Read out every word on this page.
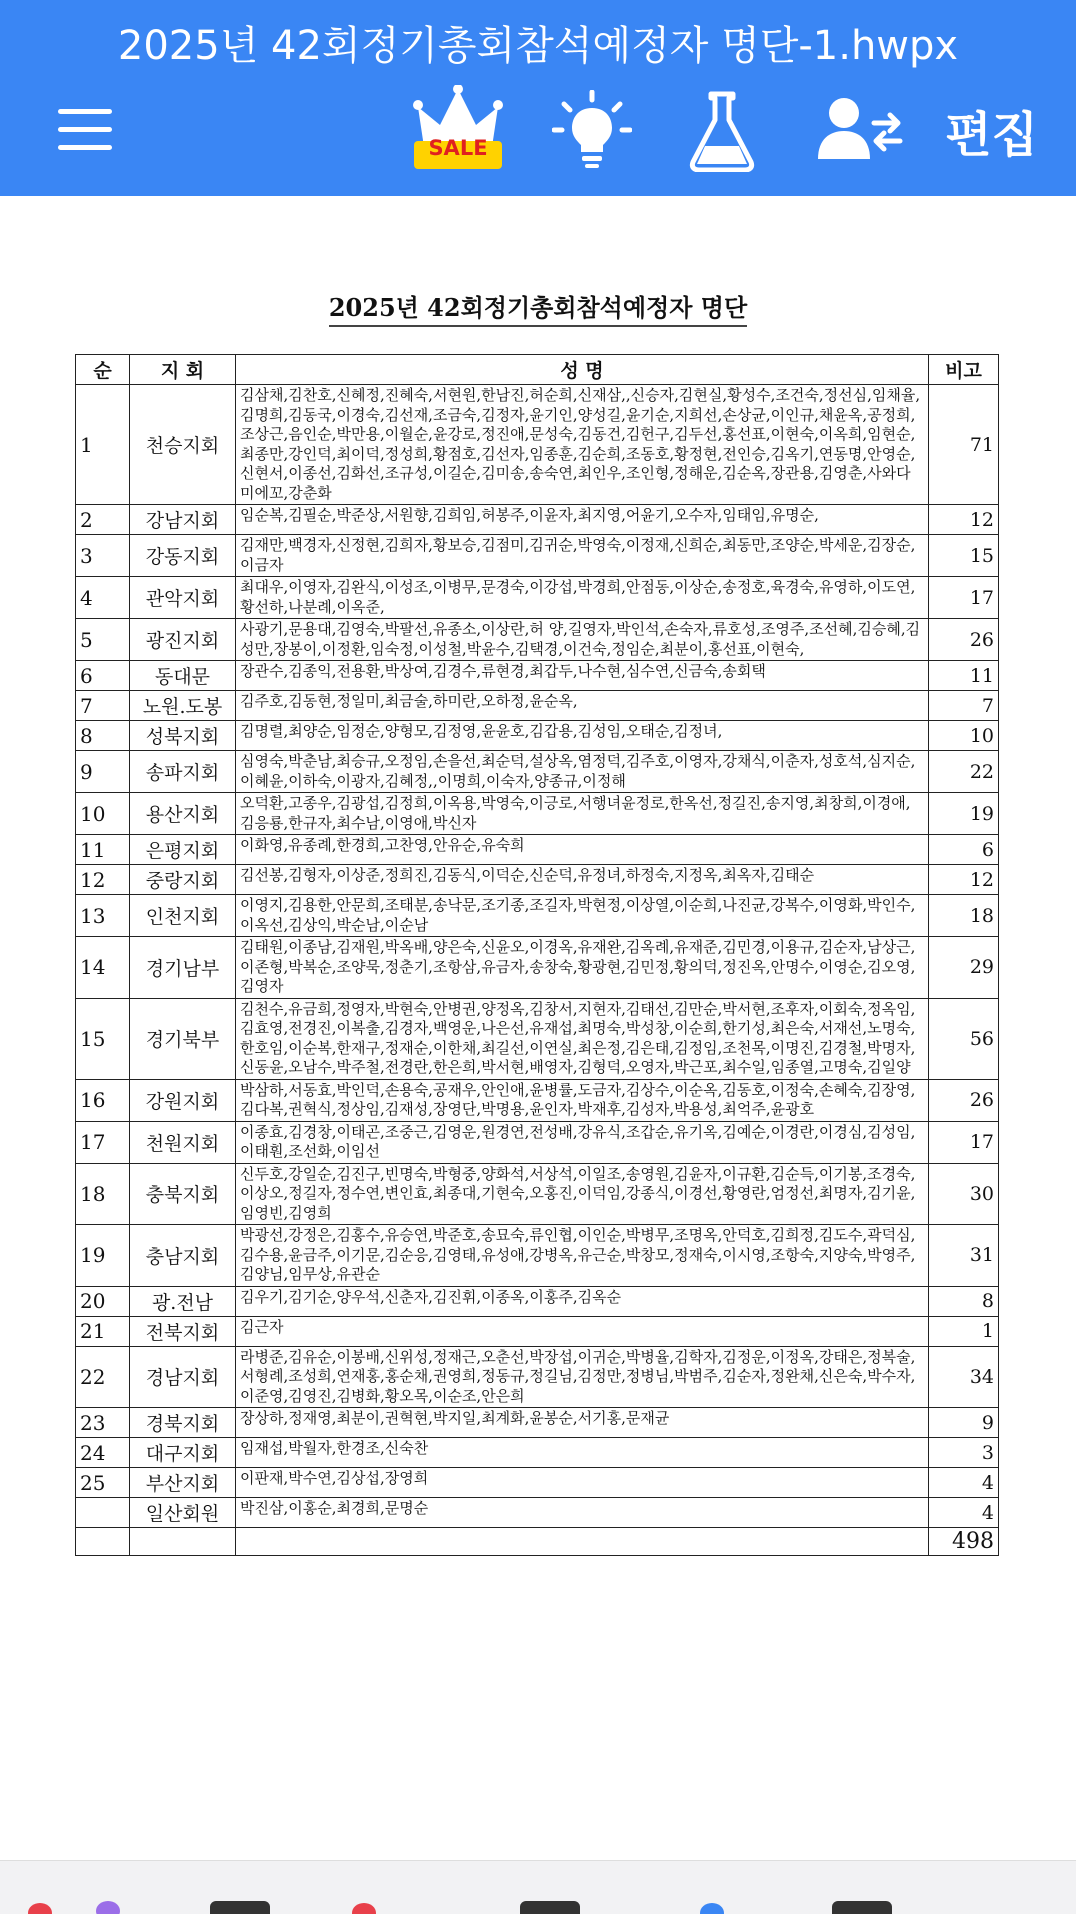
2025년 42회정기총회참석예정자 명단-1.hwpx
SALE	편집
2025년 42회정기총회참석예정자 명단
순	지 회	성 명	비고
1	천승지회	김삼채,김찬호,신혜정,진혜숙,서현원,한남진,허순희,신재삼,,신승자,김현실,황성수,조건숙,정선심,임채율,김명희,김동국,이경숙,김선재,조금숙,김정자,윤기인,양성길,윤기순,지희선,손상균,이인규,채윤옥,공정희,조상근,음인순,박만용,이월순,윤강로,정진애,문성숙,김동건,김헌구,김두선,홍선표,이현숙,이옥희,임현순,최종만,강인덕,최이덕,정성희,황점호,김선자,임종훈,김순희,조동호,황정현,전인승,김옥기,연동명,안영순,신현서,이종선,김화선,조규성,이길순,김미송,송숙연,최인우,조인형,정해운,김순옥,장관용,김영춘,사와다미에꼬,강춘화	71
2	강남지회	임순복,김필순,박준상,서원향,김희임,허봉주,이윤자,최지영,어윤기,오수자,임태임,유명순,	12
3	강동지회	김재만,백경자,신정현,김희자,황보승,김점미,김귀순,박영숙,이정재,신희순,최동만,조양순,박세운,김장순,이금자	15
4	관악지회	최대우,이영자,김완식,이성조,이병무,문경숙,이강섭,박경희,안점동,이상순,송정호,육경숙,유영하,이도연,황선하,나분례,이옥준,	17
5	광진지회	사광기,문용대,김영숙,박팔선,유종소,이상란,허 양,길영자,박인석,손숙자,류호성,조영주,조선혜,김승혜,김성만,장봉이,이정환,임숙정,이성철,박윤수,김택경,이건숙,정임순,최분이,홍선표,이현숙,	26
6	동대문	장관수,김종익,전용환,박상여,김경수,류현경,최갑두,나수현,심수연,신금숙,송회택	11
7	노원.도봉	김주호,김동현,정일미,최금술,하미란,오하정,윤순옥,	7
8	성북지회	김명렬,최양순,임정순,양형모,김정영,윤윤호,김갑용,김성임,오태순,김정녀,	10
9	송파지회	심영숙,박춘남,최승규,오정임,손을선,최순덕,설상옥,염정덕,김주호,이영자,강채식,이춘자,성호석,심지순,이혜윤,이하숙,이광자,김혜정,,이명희,이숙자,양종규,이정해	22
10	용산지회	오덕환,고종우,김광섭,김정희,이옥용,박영숙,이긍로,서행녀윤정로,한옥선,정길진,송지영,최창희,이경애,김응룡,한규자,최수남,이영애,박신자	19
11	은평지회	이화영,유종례,한경희,고찬영,안유순,유숙희	6
12	중랑지회	김선봉,김형자,이상준,정희진,김동식,이덕순,신순덕,유정녀,하정숙,지정옥,최옥자,김태순	12
13	인천지회	이영지,김용한,안문희,조태분,송낙문,조기종,조길자,박현정,이상열,이순희,나진균,강복수,이영화,박인수,이옥선,김상익,박순남,이순남	18
14	경기남부	김태원,이종남,김재원,박옥배,양은숙,신윤오,이경옥,유재완,김옥례,유재준,김민경,이용규,김순자,남상근,이존형,박복순,조양묵,정춘기,조항삼,유금자,송창숙,황광현,김민정,황의덕,정진옥,안명수,이영순,김오영,김영자	29
15	경기북부	김천수,유금희,정영자,박현숙,안병권,양정옥,김창서,지현자,김태선,김만순,박서현,조후자,이회숙,정옥임,김효영,전경진,이복출,김경자,백영운,나은선,유재섭,최명숙,박성창,이순희,한기성,최은숙,서재선,노명숙,한호임,이순복,한재구,정재순,이한채,최길선,이연실,최은정,김은태,김정임,조천목,이명진,김경철,박명자,신동윤,오남수,박주철,전경란,한은희,박서현,배영자,김형덕,오영자,박근포,최수일,임종열,고명숙,김일양	56
16	강원지회	박삼하,서동효,박인덕,손용숙,공재우,안인애,윤병률,도금자,김상수,이순옥,김동호,이정숙,손혜숙,김장영,김다복,권혁식,정상임,김재성,장영단,박명용,윤인자,박재후,김성자,박용성,최억주,윤광호	26
17	천원지회	이종효,김경창,이태곤,조중근,김영운,원경연,전성배,강유식,조갑순,유기옥,김예순,이경란,이경심,김성임,이태훤,조선화,이임선	17
18	충북지회	신두호,강일순,김진구,빈명숙,박형중,양화석,서상석,이일조,송영원,김윤자,이규환,김순득,이기봉,조경숙,이상오,정길자,정수연,변인효,최종대,기현숙,오홍진,이덕임,강종식,이경선,황영란,엄정선,최명자,김기윤,임영빈,김영희	30
19	충남지회	박광선,강정은,김홍수,유승연,박준호,송묘숙,류인협,이인순,박병무,조명옥,안덕호,김희정,김도수,곽덕심,김수용,윤금주,이기문,김순응,김영태,유성애,강병옥,유근순,박창모,정재숙,이시영,조항숙,지양숙,박영주,김양님,임무상,유관순	31
20	광.전남	김우기,김기순,양우석,신춘자,김진휘,이종옥,이홍주,김옥순	8
21	전북지회	김근자	1
22	경남지회	라병준,김유순,이봉배,신위성,정재근,오춘선,박장섭,이귀순,박병율,김학자,김정운,이정옥,강태은,정복술,서형례,조성희,연재홍,홍순채,권영희,정동규,정길님,김정만,정병님,박범주,김순자,정완채,신은숙,박수자,이준영,김영진,김병화,황오목,이순조,안은희	34
23	경북지회	장상하,정재영,최분이,권혁현,박지일,최계화,윤봉순,서기홍,문재균	9
24	대구지회	임재섭,박월자,한경조,신숙찬	3
25	부산지회	이판재,박수연,김상섭,장영희	4
	일산회원	박진삼,이홍순,최경희,문명순	4
			498
